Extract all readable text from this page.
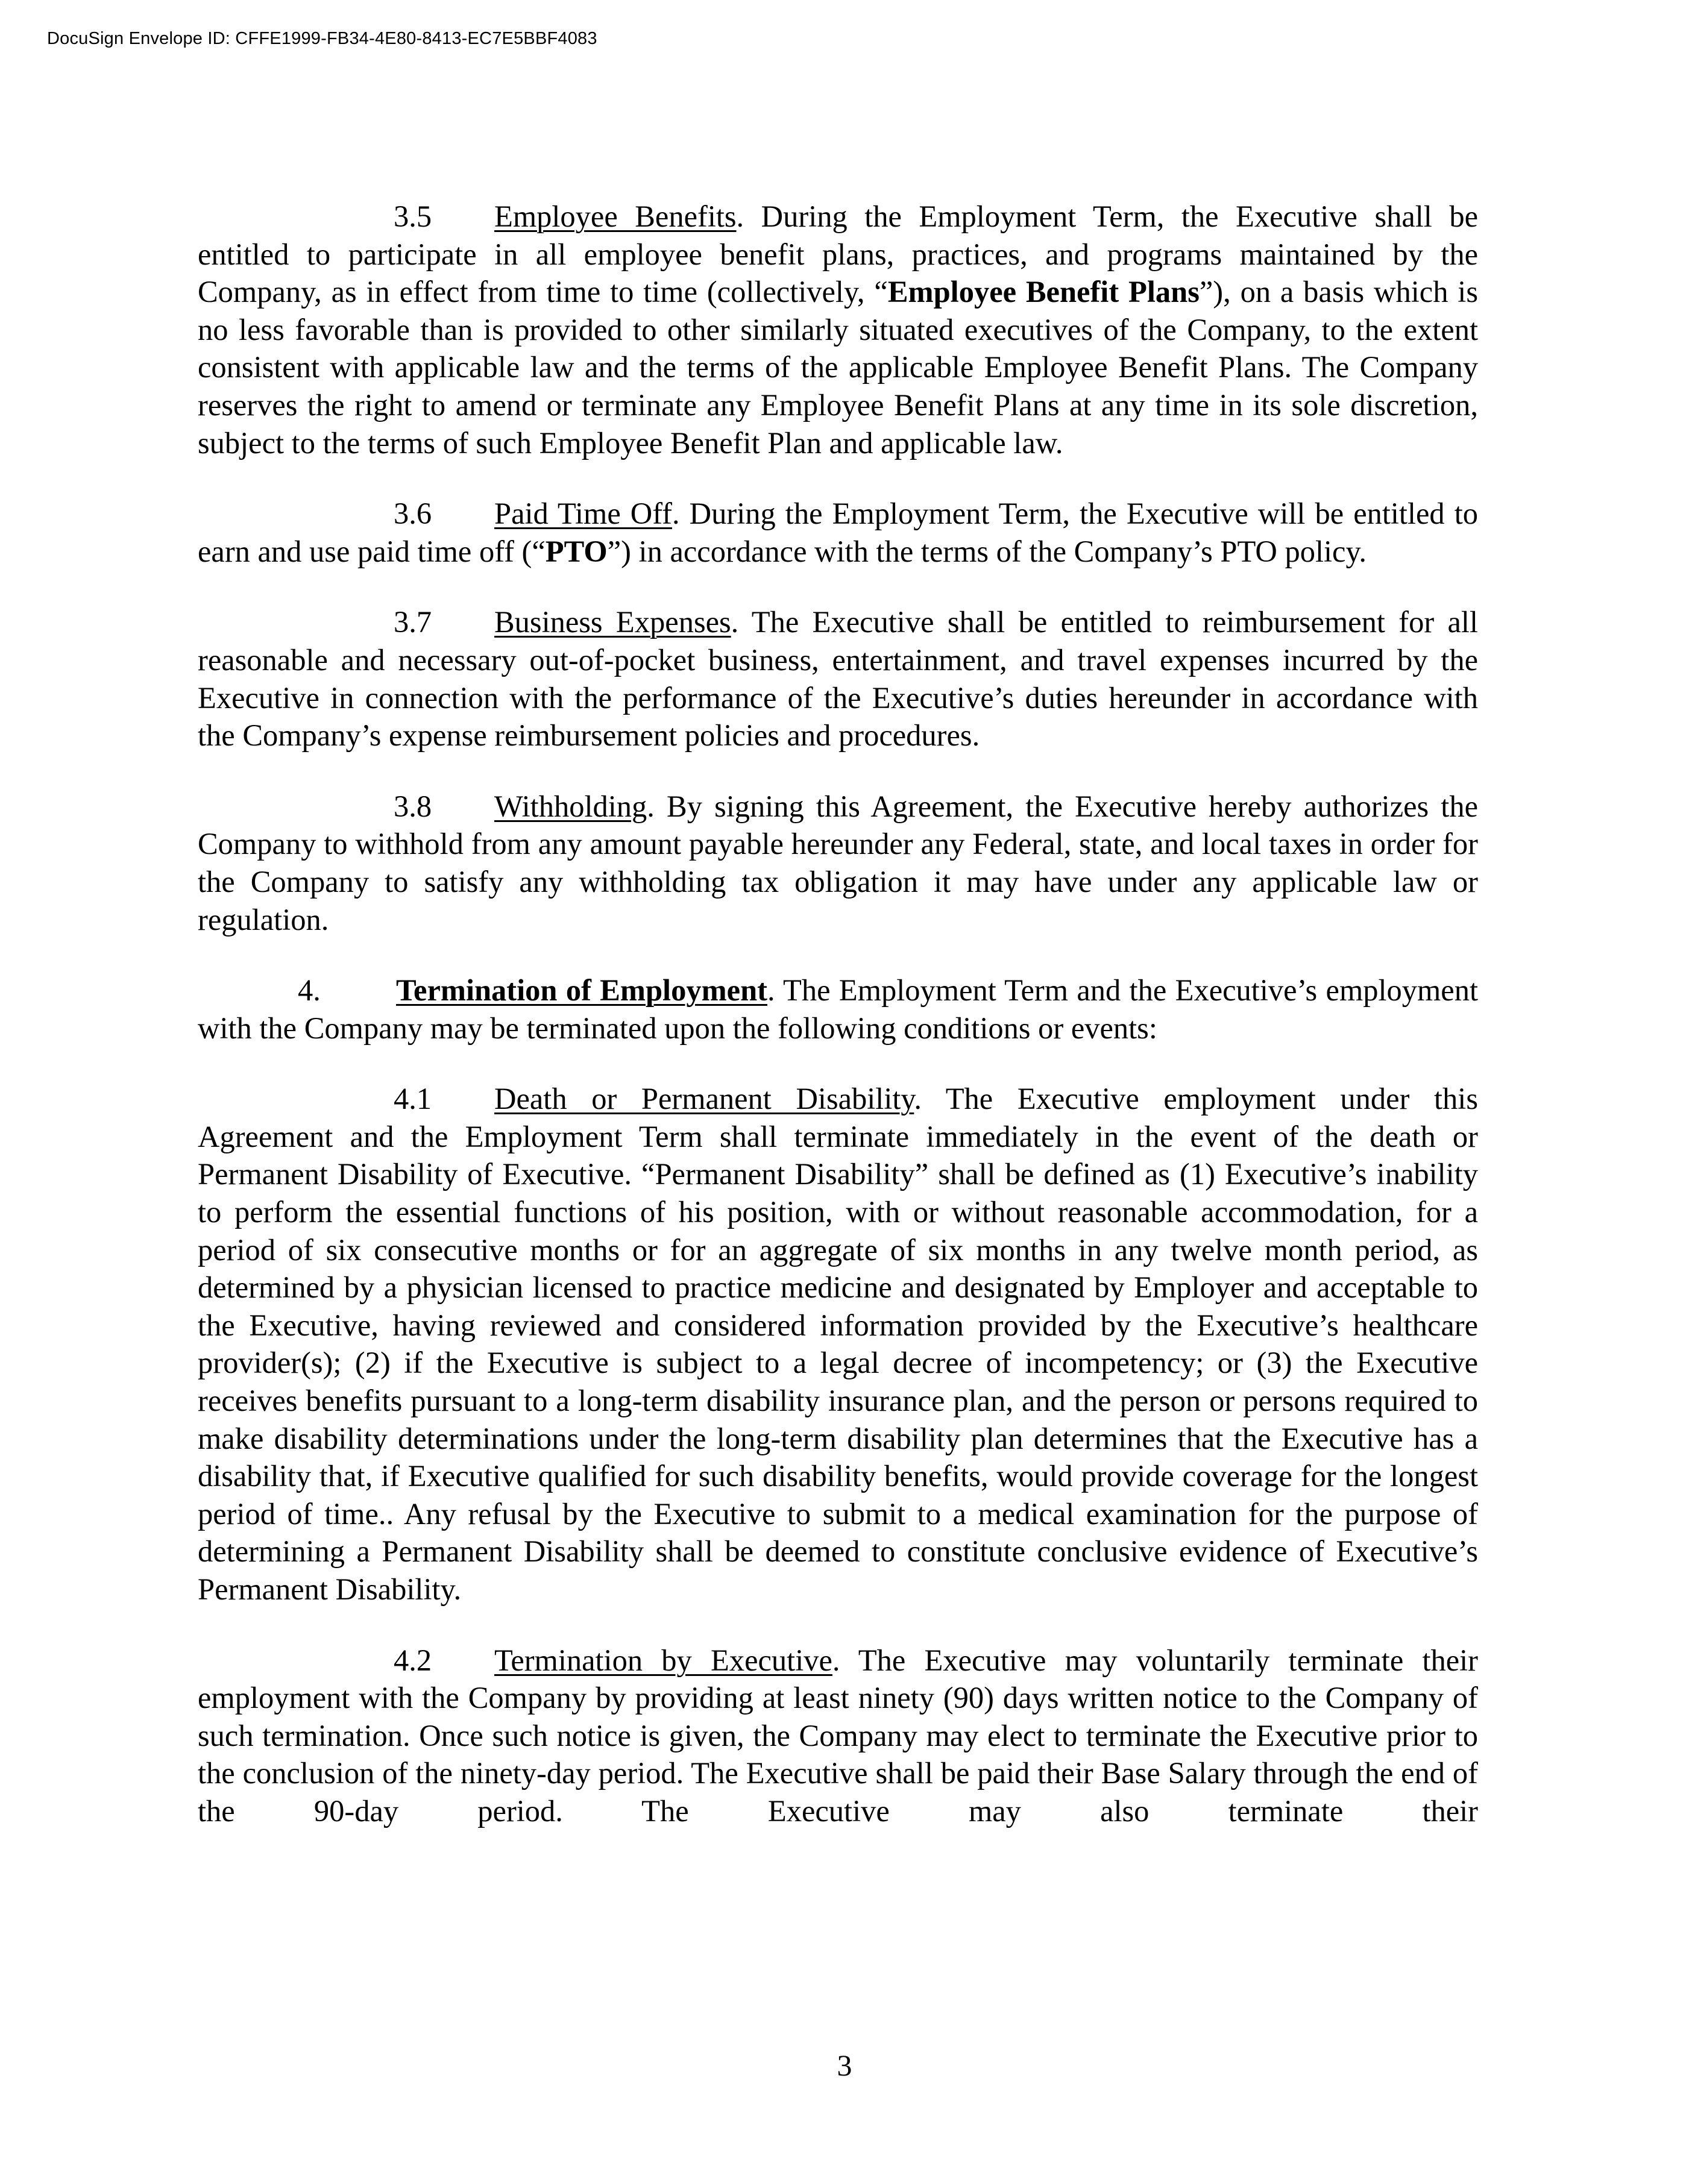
DocuSign Envelope ID: CFFE1999-FB34-4E80-8413-EC7E5BBF4083

3.5 Employee Benefits. During the Employment Term, the Executive shall be entitled to participate in all employee benefit plans, practices, and programs maintained by the Company, as in effect from time to time (collectively, “Employee Benefit Plans”), on a basis which is no less favorable than is provided to other similarly situated executives of the Company, to the extent consistent with applicable law and the terms of the applicable Employee Benefit Plans. The Company reserves the right to amend or terminate any Employee Benefit Plans at any time in its sole discretion, subject to the terms of such Employee Benefit Plan and applicable law.

3.6 Paid Time Off. During the Employment Term, the Executive will be entitled to earn and use paid time off (“PTO”) in accordance with the terms of the Company’s PTO policy.

3.7 Business Expenses. The Executive shall be entitled to reimbursement for all reasonable and necessary out-of-pocket business, entertainment, and travel expenses incurred by the Executive in connection with the performance of the Executive’s duties hereunder in accordance with the Company’s expense reimbursement policies and procedures.

3.8 Withholding. By signing this Agreement, the Executive hereby authorizes the Company to withhold from any amount payable hereunder any Federal, state, and local taxes in order for the Company to satisfy any withholding tax obligation it may have under any applicable law or regulation.

4. Termination of Employment. The Employment Term and the Executive’s employment with the Company may be terminated upon the following conditions or events:

4.1 Death or Permanent Disability. The Executive employment under this Agreement and the Employment Term shall terminate immediately in the event of the death or Permanent Disability of Executive. “Permanent Disability” shall be defined as (1) Executive’s inability to perform the essential functions of his position, with or without reasonable accommodation, for a period of six consecutive months or for an aggregate of six months in any twelve month period, as determined by a physician licensed to practice medicine and designated by Employer and acceptable to the Executive, having reviewed and considered information provided by the Executive’s healthcare provider(s); (2) if the Executive is subject to a legal decree of incompetency; or (3) the Executive receives benefits pursuant to a long-term disability insurance plan, and the person or persons required to make disability determinations under the long-term disability plan determines that the Executive has a disability that, if Executive qualified for such disability benefits, would provide coverage for the longest period of time.. Any refusal by the Executive to submit to a medical examination for the purpose of determining a Permanent Disability shall be deemed to constitute conclusive evidence of Executive’s Permanent Disability.

4.2 Termination by Executive. The Executive may voluntarily terminate their employment with the Company by providing at least ninety (90) days written notice to the Company of such termination. Once such notice is given, the Company may elect to terminate the Executive prior to the conclusion of the ninety-day period. The Executive shall be paid their Base Salary through the end of the 90-day period. The Executive may also terminate their

3
